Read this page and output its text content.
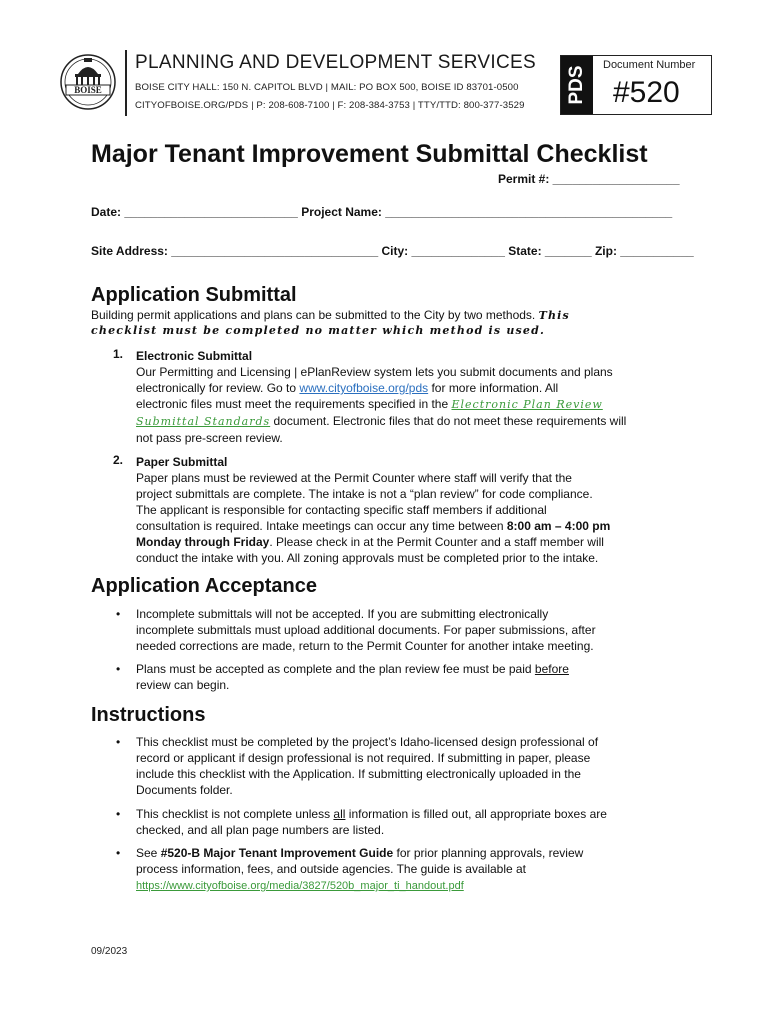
BOISE
PLANNING AND DEVELOPMENT SERVICES
BOISE CITY HALL: 150 N. CAPITOL BLVD | MAIL: PO BOX 500, BOISE ID 83701-0500
CITYOFBOISE.ORG/PDS | P: 208-608-7100 | F: 208-384-3753 | TTY/TTD: 800-377-3529
PDS
Document Number
#520
Major Tenant Improvement Submittal Checklist
Permit #: ___________________
Date: __________________________ Project Name: ___________________________________________
Site Address: _______________________________ City: ______________ State: _______ Zip: ___________
Application Submittal
Building permit applications and plans can be submitted to the City by two methods. This
checklist must be completed no matter which method is used.
1. Electronic Submittal
Our Permitting and Licensing | ePlanReview system lets you submit documents and plans
electronically for review. Go to www.cityofboise.org/pds for more information. All
electronic files must meet the requirements specified in the Electronic Plan Review
Submittal Standards document. Electronic files that do not meet these requirements will
not pass pre-screen review.
2. Paper Submittal
Paper plans must be reviewed at the Permit Counter where staff will verify that the
project submittals are complete. The intake is not a “plan review” for code compliance.
The applicant is responsible for contacting specific staff members if additional
consultation is required. Intake meetings can occur any time between 8:00 am – 4:00 pm
Monday through Friday. Please check in at the Permit Counter and a staff member will
conduct the intake with you. All zoning approvals must be completed prior to the intake.
Application Acceptance
• Incomplete submittals will not be accepted. If you are submitting electronically
incomplete submittals must upload additional documents. For paper submissions, after
needed corrections are made, return to the Permit Counter for another intake meeting.
• Plans must be accepted as complete and the plan review fee must be paid before
review can begin.
Instructions
• This checklist must be completed by the project’s Idaho-licensed design professional of
record or applicant if design professional is not required. If submitting in paper, please
include this checklist with the Application. If submitting electronically uploaded in the
Documents folder.
• This checklist is not complete unless all information is filled out, all appropriate boxes are
checked, and all plan page numbers are listed.
• See #520-B Major Tenant Improvement Guide for prior planning approvals, review
process information, fees, and outside agencies. The guide is available at
https://www.cityofboise.org/media/3827/520b_major_ti_handout.pdf
09/2023
